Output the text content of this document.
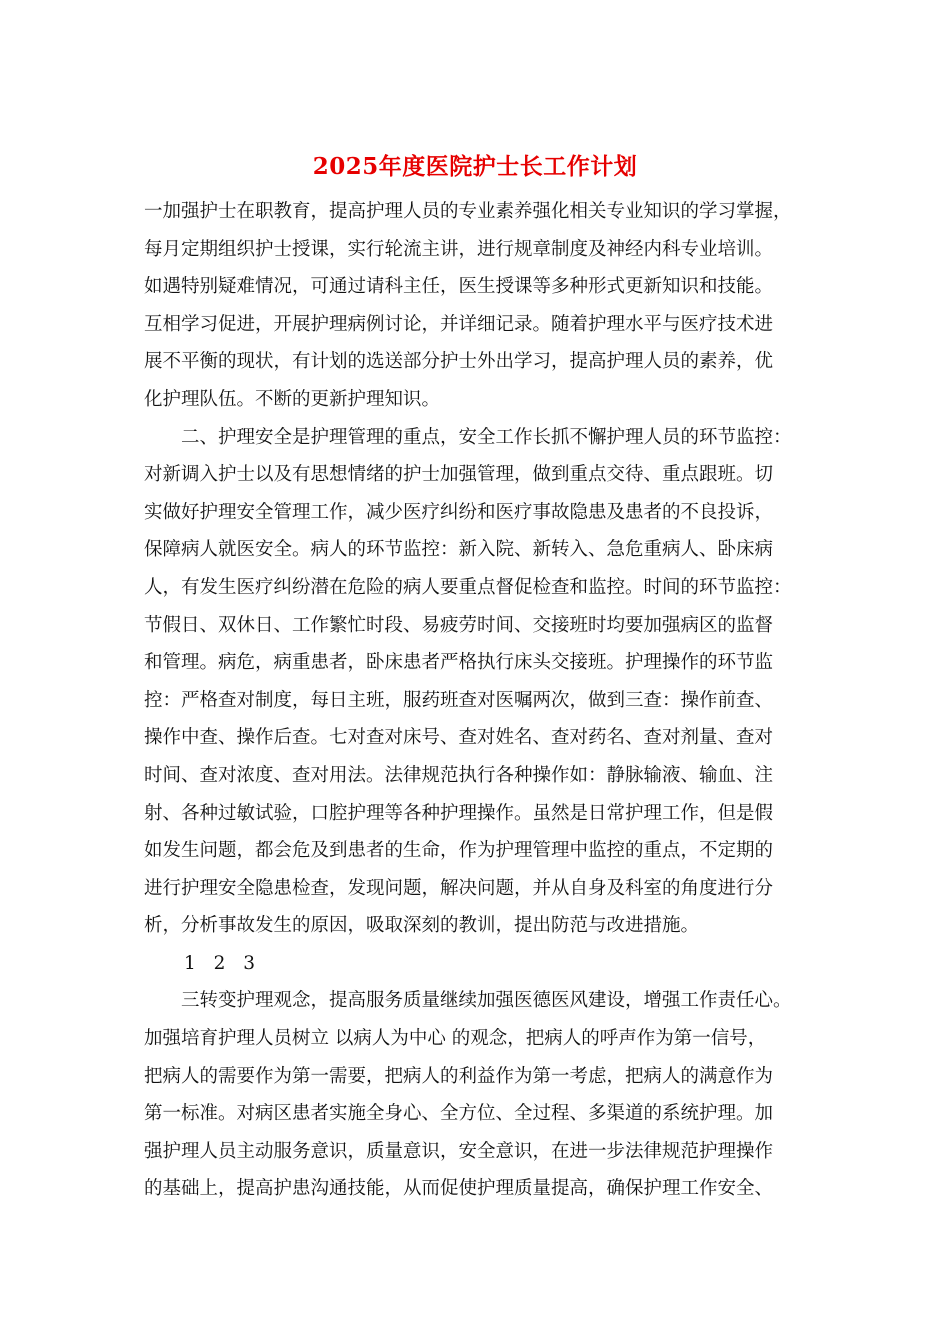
2025年度医院护士长工作计划
一加强护士在职教育，提高护理人员的专业素养强化相关专业知识的学习掌握，
每月定期组织护士授课，实行轮流主讲，进行规章制度及神经内科专业培训。
如遇特别疑难情况，可通过请科主任，医生授课等多种形式更新知识和技能。
互相学习促进，开展护理病例讨论，并详细记录。随着护理水平与医疗技术进
展不平衡的现状，有计划的选送部分护士外出学习，提高护理人员的素养，优
化护理队伍。不断的更新护理知识。
二、护理安全是护理管理的重点，安全工作长抓不懈护理人员的环节监控：
对新调入护士以及有思想情绪的护士加强管理，做到重点交待、重点跟班。切
实做好护理安全管理工作，减少医疗纠纷和医疗事故隐患及患者的不良投诉，
保障病人就医安全。病人的环节监控：新入院、新转入、急危重病人、卧床病
人，有发生医疗纠纷潜在危险的病人要重点督促检查和监控。时间的环节监控：
节假日、双休日、工作繁忙时段、易疲劳时间、交接班时均要加强病区的监督
和管理。病危，病重患者，卧床患者严格执行床头交接班。护理操作的环节监
控：严格查对制度，每日主班，服药班查对医嘱两次，做到三查：操作前查、
操作中查、操作后查。七对查对床号、查对姓名、查对药名、查对剂量、查对
时间、查对浓度、查对用法。法律规范执行各种操作如：静脉输液、输血、注
射、各种过敏试验，口腔护理等各种护理操作。虽然是日常护理工作，但是假
如发生问题，都会危及到患者的生命，作为护理管理中监控的重点，不定期的
进行护理安全隐患检查，发现问题，解决问题，并从自身及科室的角度进行分
析，分析事故发生的原因，吸取深刻的教训，提出防范与改进措施。
1 2 3
三转变护理观念，提高服务质量继续加强医德医风建设，增强工作责任心。
加强培育护理人员树立 以病人为中心 的观念，把病人的呼声作为第一信号，
把病人的需要作为第一需要，把病人的利益作为第一考虑，把病人的满意作为
第一标准。对病区患者实施全身心、全方位、全过程、多渠道的系统护理。加
强护理人员主动服务意识，质量意识，安全意识，在进一步法律规范护理操作
的基础上，提高护患沟通技能，从而促使护理质量提高，确保护理工作安全、
